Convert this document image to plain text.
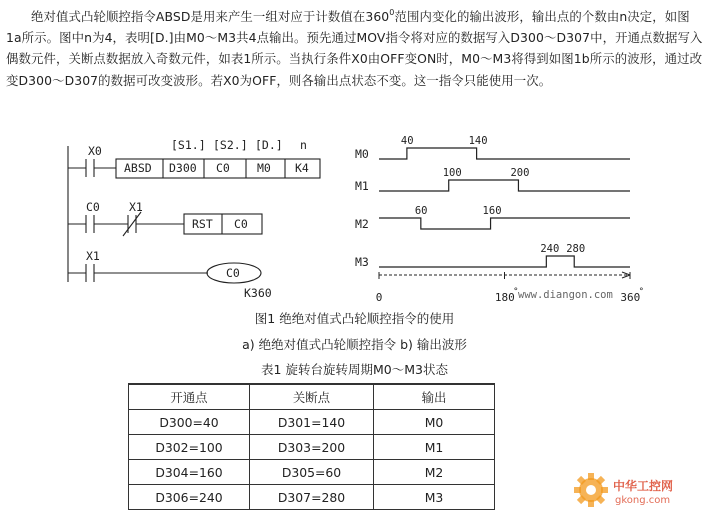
绝对值式凸轮顺控指令ABSD是用来产生一组对应于计数值在$360^0$范围内变化的输出波形，输出点的个数由n决定，如图1a所示。图中n为4，表明[D.]由M0～M3共4点输出。预先通过MOV指令将对应的数据写入D300～D307中，开通点数据写入偶数元件，关断点数据放入奇数元件，如表1所示。当执行条件X0由OFF变ON时，M0～M3将得到如图1b所示的波形，通过改变D300～D307的数据可改变波形。若X0为OFF，则各输出点状态不变。这一指令只能使用一次。
X0	[S1.] [S2.] [D.] n
ABSD D300 C0 M0 K4
C0	X1
RST C0
X1
C0
K360
M0
40	140
M1
100	200
M2
60	160
M3
240 280
0	180
°	360
°
www.diangon.com
图1 绝绝对值式凸轮顺控指令的使用
a) 绝绝对值式凸轮顺控指令 b) 输出波形
表1 旋转台旋转周期M0～M3状态
开通点	关断点	输出
D300=40	D301=140	M0
D302=100	D303=200	M1
D304=160	D305=60	M2
D306=240	D307=280	M3
中华工控网
gkong.com
